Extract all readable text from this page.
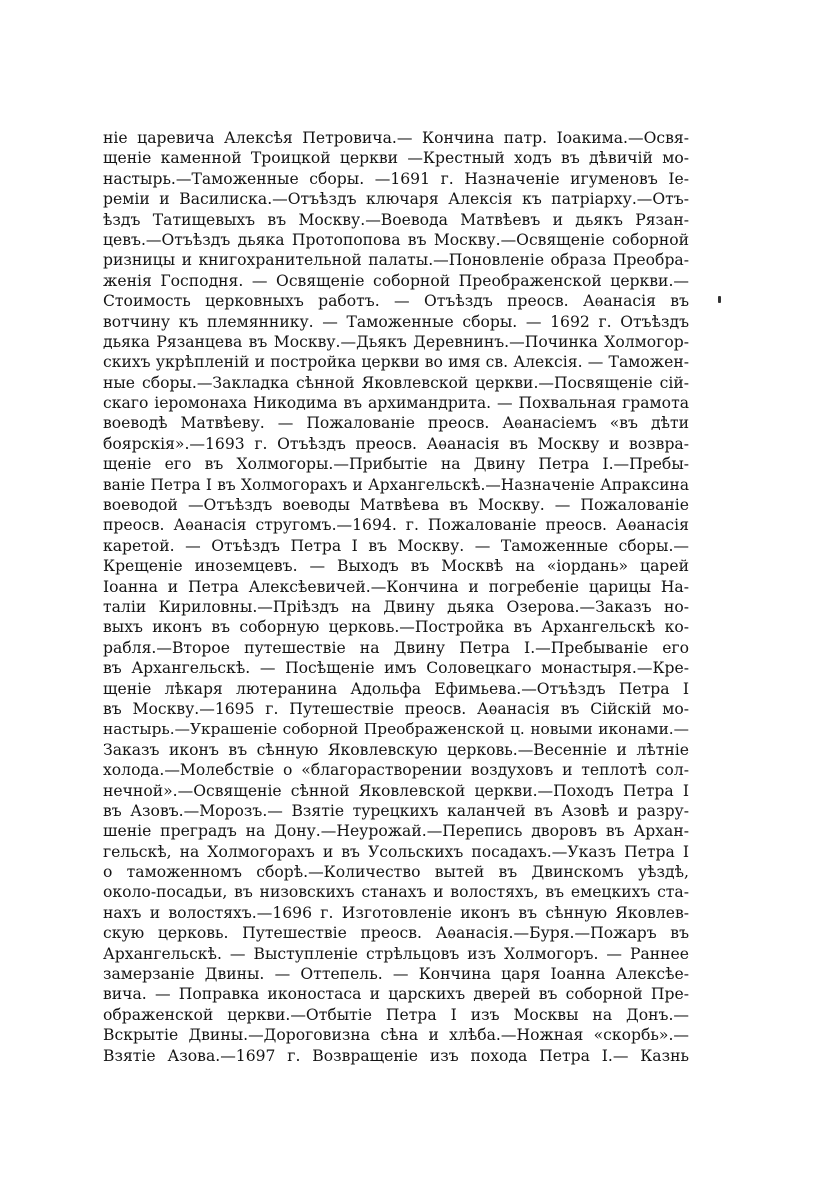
ніе царевича Алексѣя Петровича.— Кончина патр. Іоакима.—Освя-
щеніе каменной Троицкой церкви —Крестный ходъ въ дѣвичій мо-
настырь.—Таможенные сборы. —1691 г. Назначеніе игуменовъ Іе-
реміи и Василиска.—Отъѣздъ ключаря Алексія къ патріарху.—Отъ-
ѣздъ Татищевыхъ въ Москву.—Воевода Матвѣевъ и дьякъ Рязан-
цевъ.—Отъѣздъ дьяка Протопопова въ Москву.—Освященіе соборной
ризницы и книгохранительной палаты.—Поновленіе образа Преобра-
женія Господня. — Освященіе соборной Преображенской церкви.—
Стоимость церковныхъ работъ. — Отъѣздъ преосв. Аѳанасія въ
вотчину къ племяннику. — Таможенные сборы. — 1692 г. Отъѣздъ
дьяка Рязанцева въ Москву.—Дьякъ Деревнинъ.—Починка Холмогор-
скихъ укрѣпленій и постройка церкви во имя св. Алексія. — Таможен-
ные сборы.—Закладка сѣнной Яковлевской церкви.—Посвященіе сій-
скаго іеромонаха Никодима въ архимандрита. — Похвальная грамота
воеводѣ Матвѣеву. — Пожалованіе преосв. Аѳанасіемъ «въ дѣти
боярскія».—1693 г. Отъѣздъ преосв. Аѳанасія въ Москву и возвра-
щеніе его въ Холмогоры.—Прибытіе на Двину Петра I.—Пребы-
ваніе Петра I въ Холмогорахъ и Архангельскѣ.—Назначеніе Апраксина
воеводой —Отъѣздъ воеводы Матвѣева въ Москву. — Пожалованіе
преосв. Аѳанасія стругомъ.—1694. г. Пожалованіе преосв. Аѳанасія
каретой. — Отъѣздъ Петра I въ Москву. — Таможенные сборы.—
Крещеніе иноземцевъ. — Выходъ въ Москвѣ на «іордань» царей
Іоанна и Петра Алексѣевичей.—Кончина и погребеніе царицы На-
таліи Кириловны.—Пріѣздъ на Двину дьяка Озерова.—Заказъ но-
выхъ иконъ въ соборную церковь.—Постройка въ Архангельскѣ ко-
рабля.—Второе путешествіе на Двину Петра I.—Пребываніе его
въ Архангельскѣ. — Посѣщеніе имъ Соловецкаго монастыря.—Кре-
щеніе лѣкаря лютеранина Адольфа Ефимьева.—Отъѣздъ Петра I
въ Москву.—1695 г. Путешествіе преосв. Аѳанасія въ Сійскій мо-
настырь.—Украшеніе соборной Преображенской ц. новыми иконами.—
Заказъ иконъ въ сѣнную Яковлевскую церковь.—Весенніе и лѣтніе
холода.—Молебствіе о «благорастворении воздуховъ и теплотѣ сол-
нечной».—Освященіе сѣнной Яковлевской церкви.—Походъ Петра I
въ Азовъ.—Морозъ.— Взятіе турецкихъ каланчей въ Азовѣ и разру-
шеніе преградъ на Дону.—Неурожай.—Перепись дворовъ въ Архан-
гельскѣ, на Холмогорахъ и въ Усольскихъ посадахъ.—Указъ Петра I
о таможенномъ сборѣ.—Количество вытей въ Двинскомъ уѣздѣ,
около-посадьи, въ низовскихъ станахъ и волостяхъ, въ емецкихъ ста-
нахъ и волостяхъ.—1696 г. Изготовленіе иконъ въ сѣнную Яковлев-
скую церковь. Путешествіе преосв. Аѳанасія.—Буря.—Пожаръ въ
Архангельскѣ. — Выступленіе стрѣльцовъ изъ Холмогоръ. — Раннее
замерзаніе Двины. — Оттепель. — Кончина царя Іоанна Алексѣе-
вича. — Поправка иконостаса и царскихъ дверей въ соборной Пре-
ображенской церкви.—Отбытіе Петра I изъ Москвы на Донъ.—
Вскрытіе Двины.—Дороговизна сѣна и хлѣба.—Ножная «скорбь».—
Взятіе Азова.—1697 г. Возвращеніе изъ похода Петра I.— Казнь
